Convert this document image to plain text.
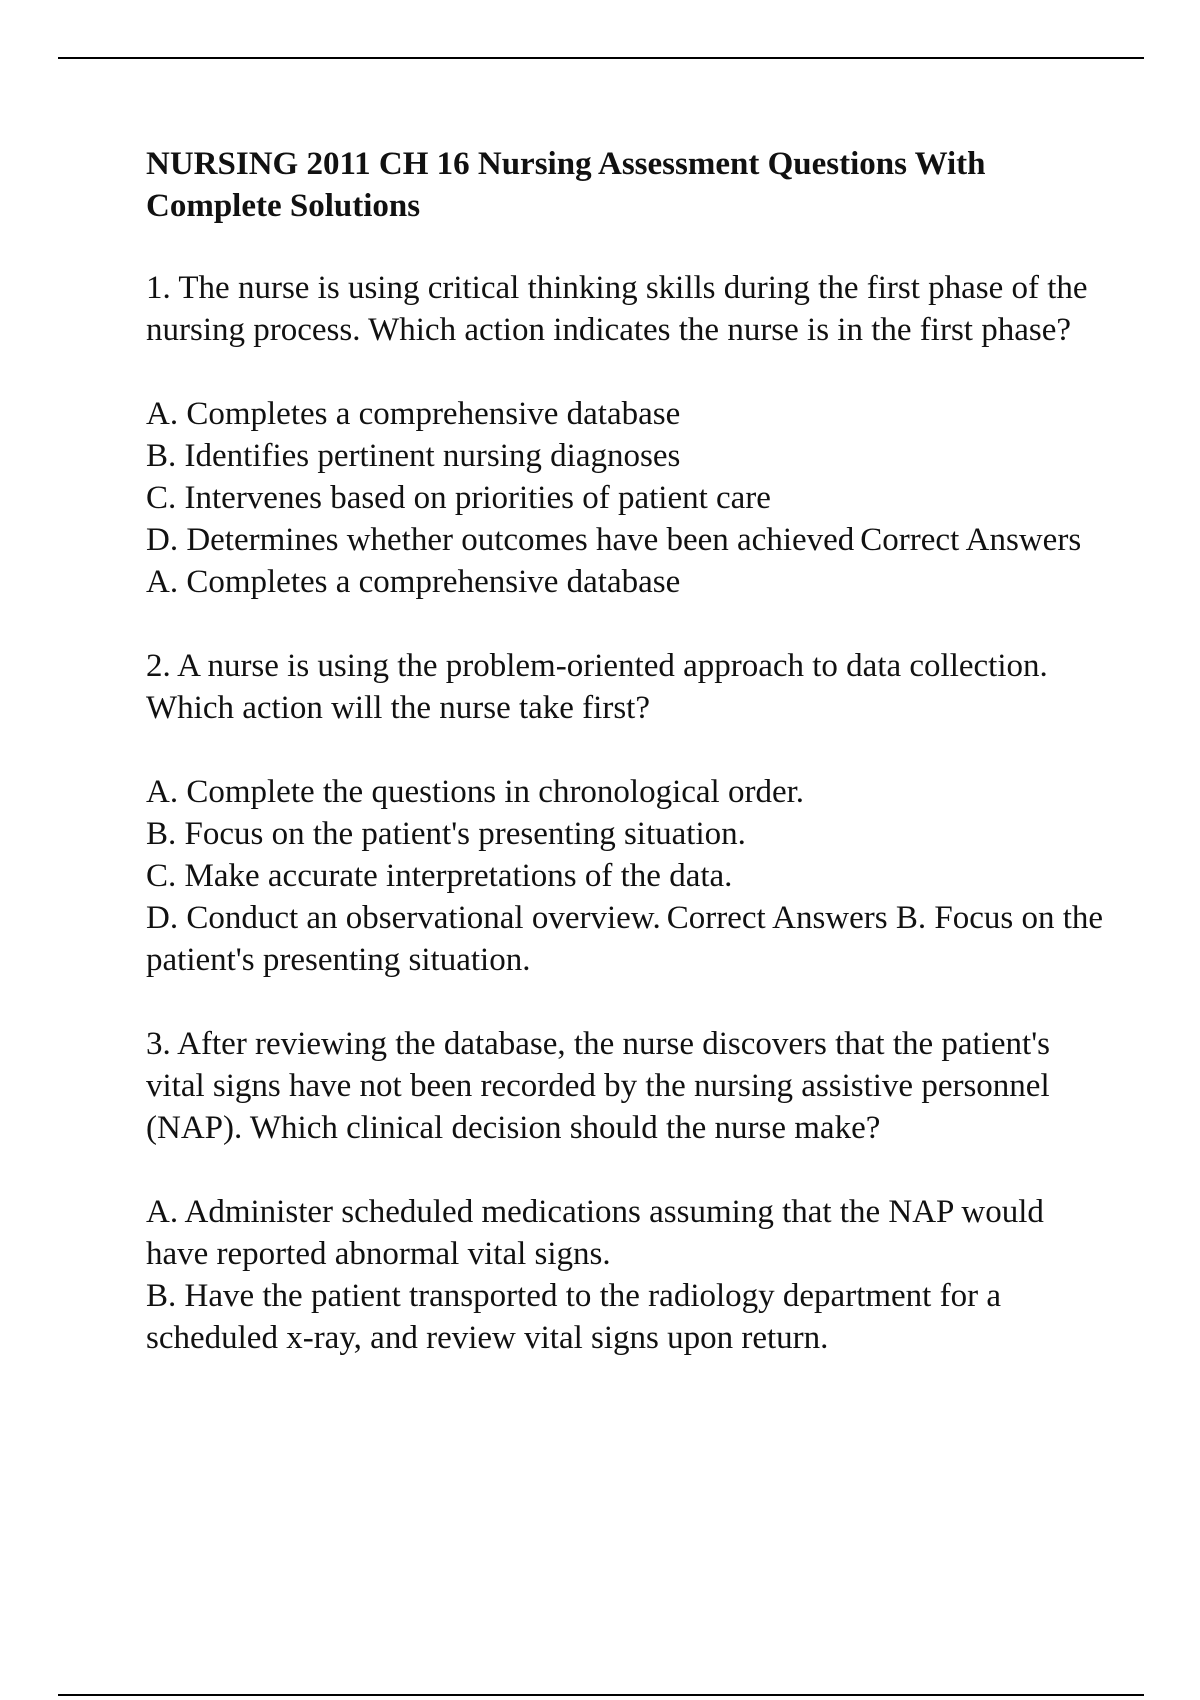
NURSING 2011 CH 16 Nursing Assessment Questions With Complete Solutions
1. The nurse is using critical thinking skills during the first phase of the nursing process. Which action indicates the nurse is in the first phase?
A. Completes a comprehensive database
B. Identifies pertinent nursing diagnoses
C. Intervenes based on priorities of patient care
D. Determines whether outcomes have been achieved Correct Answers A. Completes a comprehensive database
2. A nurse is using the problem-oriented approach to data collection. Which action will the nurse take first?
A. Complete the questions in chronological order.
B. Focus on the patient's presenting situation.
C. Make accurate interpretations of the data.
D. Conduct an observational overview. Correct Answers B. Focus on the patient's presenting situation.
3. After reviewing the database, the nurse discovers that the patient's vital signs have not been recorded by the nursing assistive personnel (NAP). Which clinical decision should the nurse make?
A. Administer scheduled medications assuming that the NAP would have reported abnormal vital signs.
B. Have the patient transported to the radiology department for a scheduled x-ray, and review vital signs upon return.
